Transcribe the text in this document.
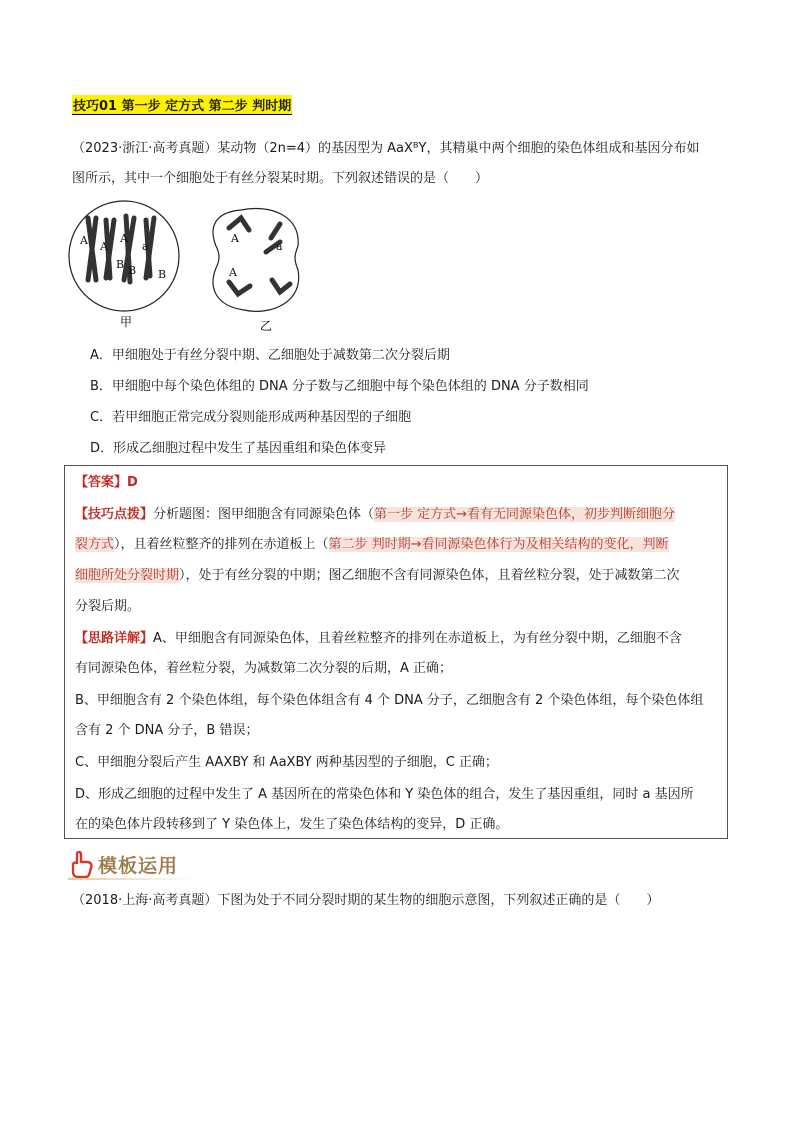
技巧01 第一步 定方式 第二步 判时期
（2023·浙江·高考真题）某动物（2n=4）的基因型为 AaXᴮY，其精巢中两个细胞的染色体组成和基因分布如
图所示，其中一个细胞处于有丝分裂某时期。下列叙述错误的是（　　）
A A
A
a
B B B
A
a
A
甲	乙
A．甲细胞处于有丝分裂中期、乙细胞处于减数第二次分裂后期
B．甲细胞中每个染色体组的 DNA 分子数与乙细胞中每个染色体组的 DNA 分子数相同
C．若甲细胞正常完成分裂则能形成两种基因型的子细胞
D．形成乙细胞过程中发生了基因重组和染色体变异
【答案】D
【技巧点拨】分析题图：图甲细胞含有同源染色体（第一步 定方式→看有无同源染色体，初步判断细胞分
裂方式），且着丝粒整齐的排列在赤道板上（第二步 判时期→看同源染色体行为及相关结构的变化，判断
细胞所处分裂时期），处于有丝分裂的中期；图乙细胞不含有同源染色体，且着丝粒分裂，处于减数第二次
分裂后期。
【思路详解】A、甲细胞含有同源染色体，且着丝粒整齐的排列在赤道板上，为有丝分裂中期，乙细胞不含
有同源染色体，着丝粒分裂，为减数第二次分裂的后期，A 正确；
B、甲细胞含有 2 个染色体组，每个染色体组含有 4 个 DNA 分子，乙细胞含有 2 个染色体组，每个染色体组
含有 2 个 DNA 分子，B 错误；
C、甲细胞分裂后产生 AAXBY 和 AaXBY 两种基因型的子细胞，C 正确；
D、形成乙细胞的过程中发生了 A 基因所在的常染色体和 Y 染色体的组合，发生了基因重组，同时 a 基因所
在的染色体片段转移到了 Y 染色体上，发生了染色体结构的变异，D 正确。
模板运用
（2018·上海·高考真题）下图为处于不同分裂时期的某生物的细胞示意图，下列叙述正确的是（　　）
